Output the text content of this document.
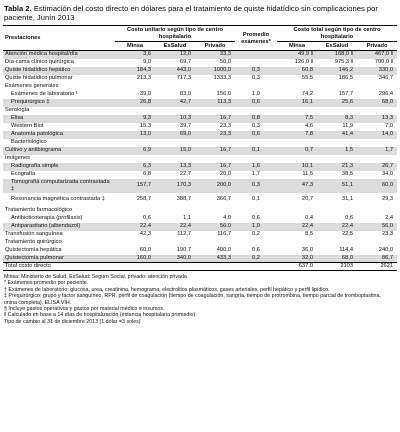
Tabla 2. Estimación del costo directo en dólares para el tratamiento de quiste hidatídico sin complicaciones por paciente, Junín 2013
Prestaciones	Costo unitario según tipo de centro hospitalario			Promedio exámenes*	Costo total según tipo de centro hospitalario		
	Minsa	EsSalud	Privado		Minsa	EsSalud	Privado
Atención médica hospital/día	3,6	12,0	33,3		49,9 ǁ	168,0 ǁ	467,0 ǁ
Día-cama clínico quirúrgica	9,0	69,7	50,0		126,0 ǁ	975,3 ǁ	700,0 ǁ
Quiste hidatídico hepático	184,3	443,0	1000,0	0,3	60,8	146,2	330,0
Quiste hidatídico pulmonar	213,3	717,3	1333,3	0,3	55,5	186,5	346,7
Exámenes generales							
Exámenes de laboratorio ¹	39,0	83,0	156,0	1,9	74,2	157,7	296,4
Prequirúrgico ‡	26,8	42,7	113,3	0,6	16,1	25,6	68,0
Serología							
Elisa	9,3	10,3	16,7	0,8	7,5	8,3	13,3
Western Blot	15,3	39,7	23,3	0,3	4,6	11,9	7,0
Anatomía patológica	13,0	69,0	23,3	0,6	7,8	41,4	14,0
Bacteriológico							
Cultivo y antibiograma	6,9	15,0	16,7	0,1	0,7	1,5	1,7
Imágenes							
Radiografía simple	6,3	13,3	16,7	1,6	10,1	21,3	26,7
Ecografía	6,8	22,7	20,0	1,7	11,5	38,5	34,0
Tomografía computarizada contrastada ‡	157,7	170,3	200,0	0,3	47,3	51,1	60,0
Resonancia magnética contrastada ‡	258,7	388,7	366,7	0,1	20,7	31,1	29,3
Tratamiento farmacológico							
Antibioticoterapia (profilaxis)	0,6	1,1	4,0	0,6	0,4	0,6	2,4
Antiparasitario (albendazol)	22,4	22,4	56,0	1,0	22,4	22,4	56,0
Transfusión sanguínea	42,3	112,7	116,7	0,2	8,5	22,5	23,3
Tratamiento quirúrgico							
Quistectomía hepática	60,0	190,7	400,0	0,6	36,0	114,4	240,0
Quistectomía pulmonar	160,0	340,0	433,3	0,2	32,0	68,0	86,7
Total costo directo					637,0	2103	2621
Minsa: Ministerio de Salud, EsSalud: Seguro Social, privado: atención privada
* Exámenes promedio por paciente.
† Exámenes de laboratorio: glucosa, urea, creatinina, hemograma, electrolitos plasmáticos, gases arteriales, perfil hepático y perfil lipídico.
‡ Prequirúrgico: grupo y factor sanguíneo, RPR, perfil de coagulación (tiempo de coagulación, sangría, tiempo de protrombina, tiempo parcial de tromboplastina,
onina completa), ELISA VIH.
§ Incluye gastos operativos y gastos por material médico e insumos.
ǁ Calculado en base a 14 días de hospitalización (estancia hospitalaria promedio)
Tipo de cambio al 31 de diciembre 2013 (1 dólar =3 soles)
